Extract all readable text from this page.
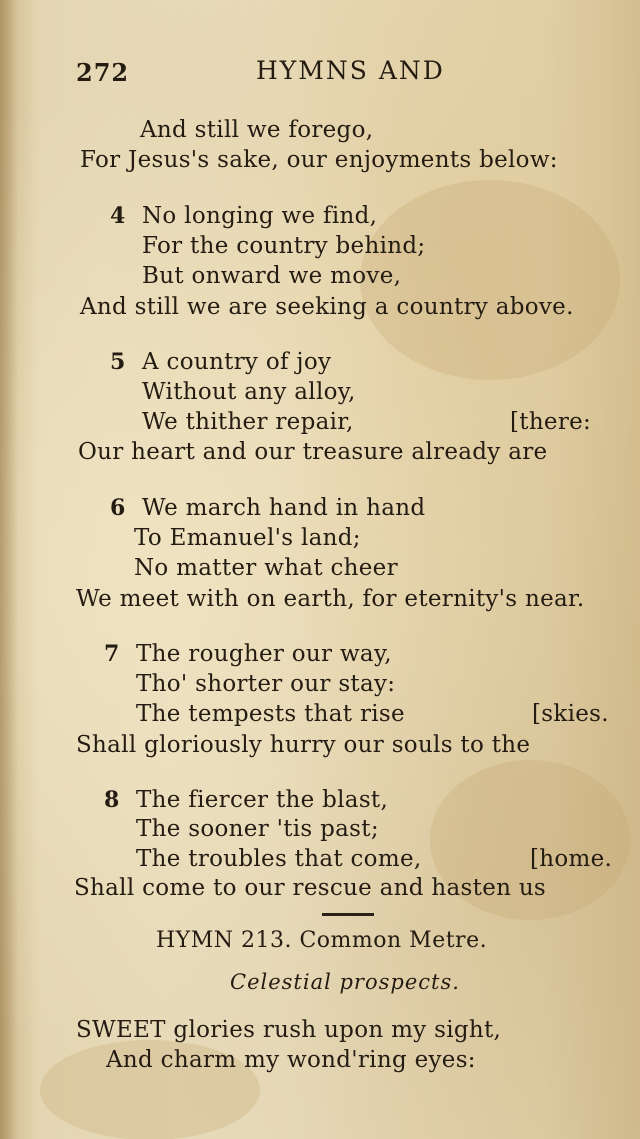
272	HYMNS AND
And still we forego,
For Jesus's sake, our enjoyments below:
4 No longing we find,
For the country behind;
But onward we move,
And still we are seeking a country above.
5 A country of joy
Without any alloy,
We thither repair,	[there:
Our heart and our treasure already are
6 We march hand in hand
To Emanuel's land;
No matter what cheer
We meet with on earth, for eternity's near.
7 The rougher our way,
Tho' shorter our stay:
The tempests that rise	[skies.
Shall gloriously hurry our souls to the
8 The fiercer the blast,
The sooner 'tis past;
The troubles that come,	[home.
Shall come to our rescue and hasten us
HYMN 213. Common Metre.
Celestial prospects.
SWEET glories rush upon my sight,
And charm my wond'ring eyes:
